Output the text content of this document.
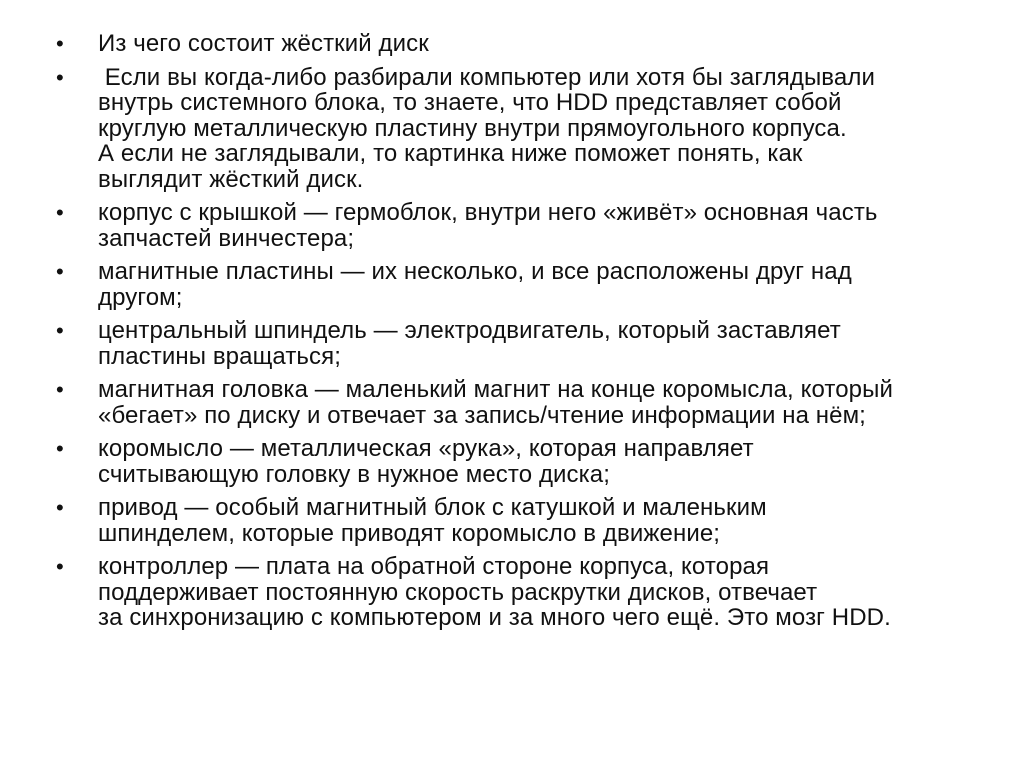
•	Из чего состоит жёсткий диск
•	Если вы когда-либо разбирали компьютер или хотя бы заглядывали
внутрь системного блока, то знаете, что HDD представляет собой
круглую металлическую пластину внутри прямоугольного корпуса.
А если не заглядывали, то картинка ниже поможет понять, как
выглядит жёсткий диск.
•	корпус с крышкой — гермоблок, внутри него «живёт» основная часть
запчастей винчестера;
•	магнитные пластины — их несколько, и все расположены друг над
другом;
•	центральный шпиндель — электродвигатель, который заставляет
пластины вращаться;
•	магнитная головка — маленький магнит на конце коромысла, который
«бегает» по диску и отвечает за запись/чтение информации на нём;
•	коромысло — металлическая «рука», которая направляет
считывающую головку в нужное место диска;
•	привод — особый магнитный блок с катушкой и маленьким
шпинделем, которые приводят коромысло в движение;
•	контроллер — плата на обратной стороне корпуса, которая
поддерживает постоянную скорость раскрутки дисков, отвечает
за синхронизацию с компьютером и за много чего ещё. Это мозг HDD.
